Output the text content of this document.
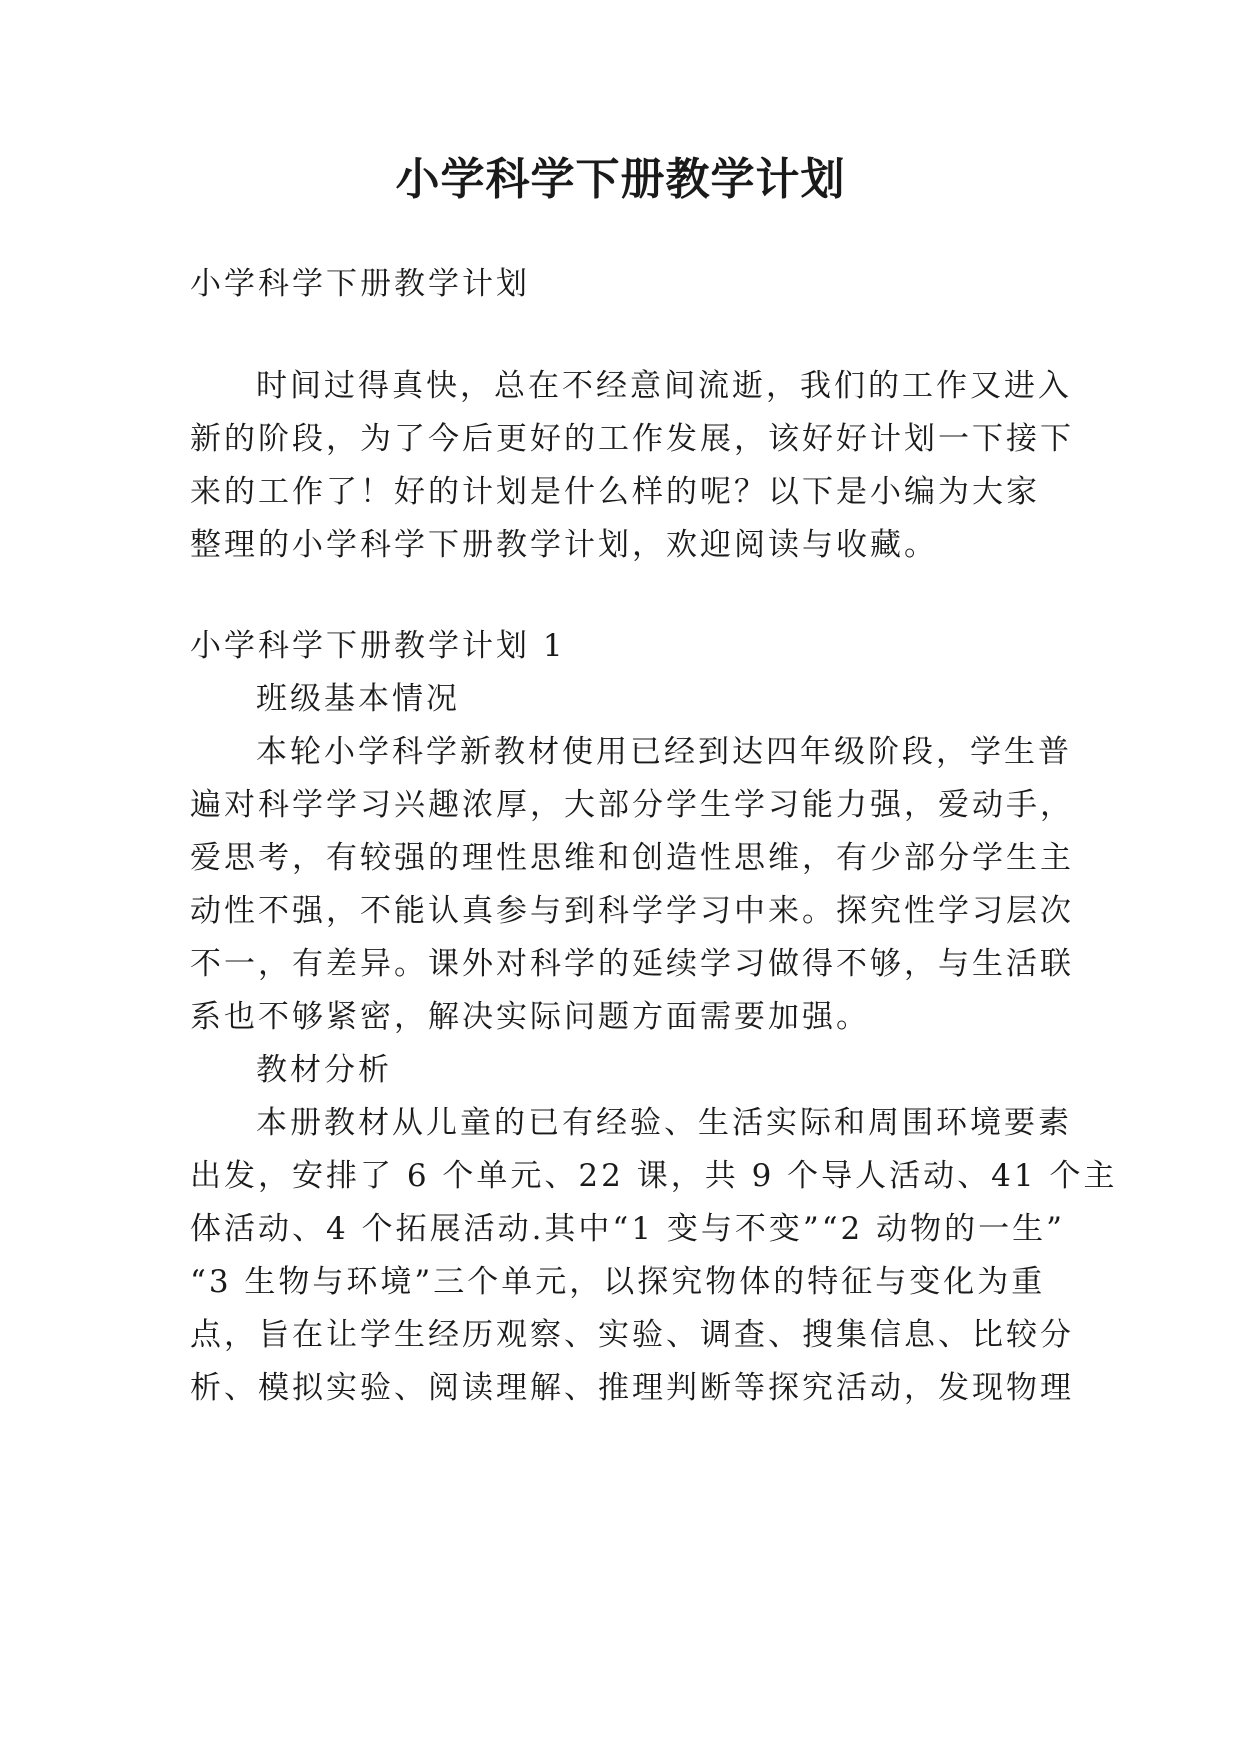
小学科学下册教学计划

小学科学下册教学计划

时间过得真快，总在不经意间流逝，我们的工作又进入

新的阶段，为了今后更好的工作发展，该好好计划一下接下

来的工作了！好的计划是什么样的呢？以下是小编为大家

整理的小学科学下册教学计划，欢迎阅读与收藏。

小学科学下册教学计划 1

班级基本情况

本轮小学科学新教材使用已经到达四年级阶段，学生普

遍对科学学习兴趣浓厚，大部分学生学习能力强，爱动手，

爱思考，有较强的理性思维和创造性思维，有少部分学生主

动性不强，不能认真参与到科学学习中来。探究性学习层次

不一，有差异。课外对科学的延续学习做得不够，与生活联

系也不够紧密，解决实际问题方面需要加强。

教材分析

本册教材从儿童的已有经验、生活实际和周围环境要素

出发，安排了 6 个单元、22 课，共 9 个导人活动、41 个主

体活动、4 个拓展活动.其中“1 变与不变”“2 动物的一生”

“3 生物与环境”三个单元，以探究物体的特征与变化为重

点，旨在让学生经历观察、实验、调查、搜集信息、比较分

析、模拟实验、阅读理解、推理判断等探究活动，发现物理
